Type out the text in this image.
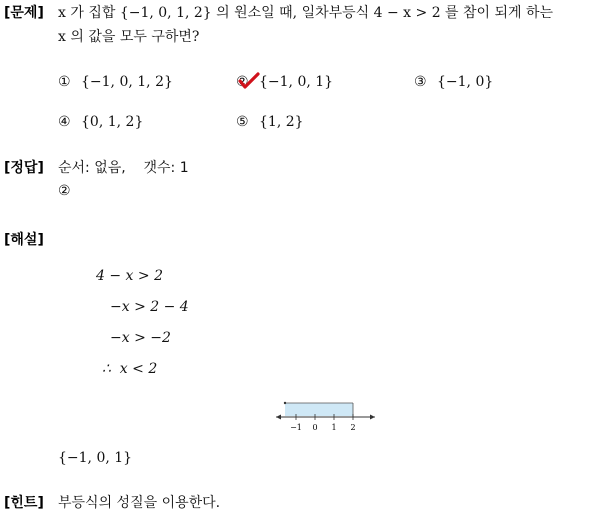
[문제] x 가 집합 {−1, 0, 1, 2} 의 원소일 때, 일차부등식 4 − x > 2 를 참이 되게 하는
x 의 값을 모두 구하면?
① {−1, 0, 1, 2}	② {−1, 0, 1}	③ {−1, 0}
④ {0, 1, 2}	⑤ {1, 2}
[정답] 순서: 없음,    갯수: 1
②
[해설]
4 − x > 2
−x > 2 − 4
−x > −2
∴  x < 2
−1 0 1 2
{−1, 0, 1}
[힌트] 부등식의 성질을 이용한다.
